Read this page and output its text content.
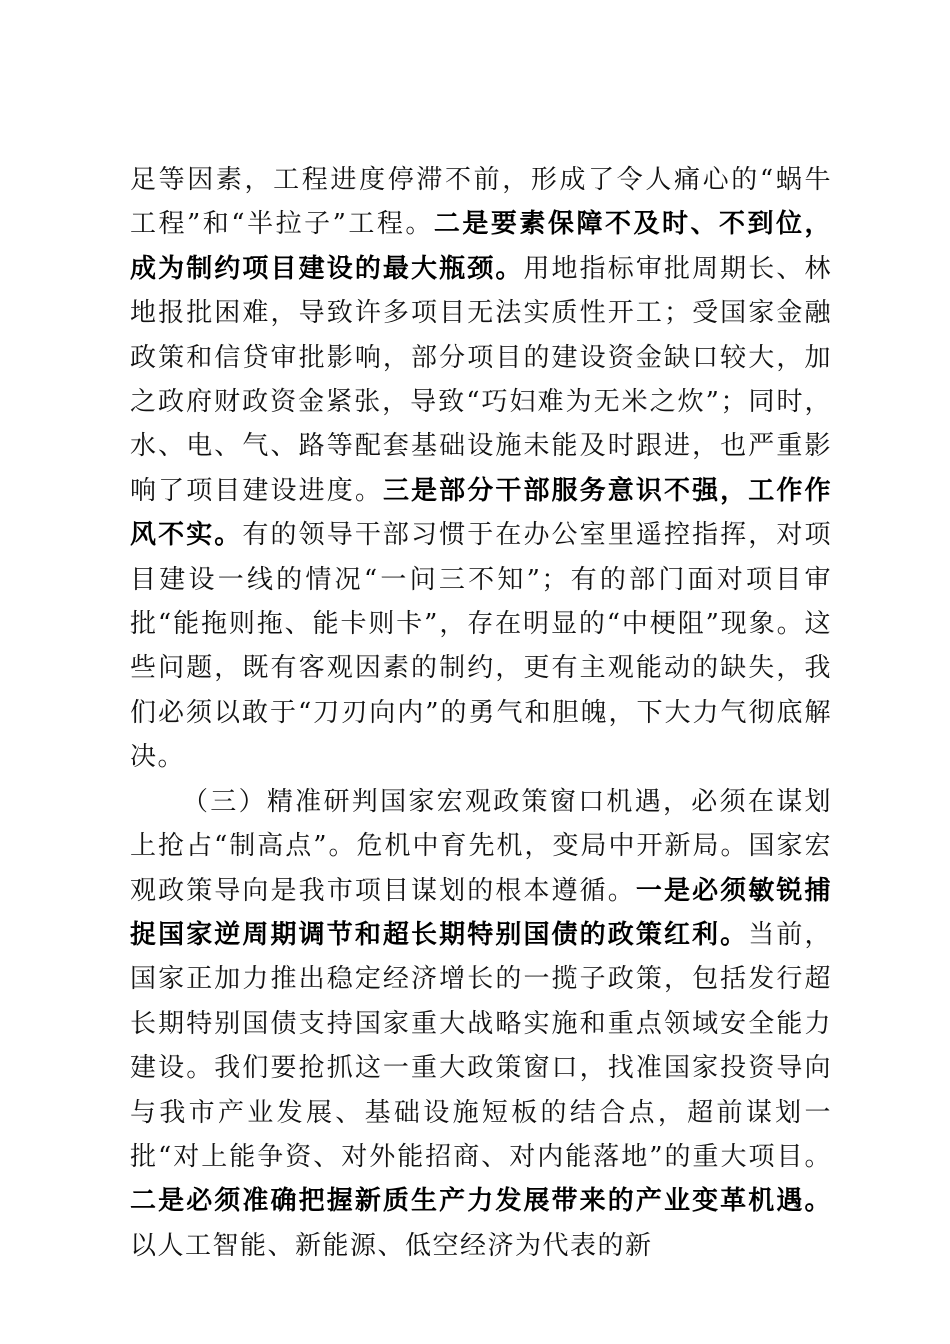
足等因素，工程进度停滞不前，形成了令人痛心的“蜗牛工程”和“半拉子”工程。二是要素保障不及时、不到位，成为制约项目建设的最大瓶颈。用地指标审批周期长、林地报批困难，导致许多项目无法实质性开工；受国家金融政策和信贷审批影响，部分项目的建设资金缺口较大，加之政府财政资金紧张，导致“巧妇难为无米之炊”；同时，水、电、气、路等配套基础设施未能及时跟进，也严重影响了项目建设进度。三是部分干部服务意识不强，工作作风不实。有的领导干部习惯于在办公室里遥控指挥，对项目建设一线的情况“一问三不知”；有的部门面对项目审批“能拖则拖、能卡则卡”，存在明显的“中梗阻”现象。这些问题，既有客观因素的制约，更有主观能动的缺失，我们必须以敢于“刀刃向内”的勇气和胆魄，下大力气彻底解决。

（三）精准研判国家宏观政策窗口机遇，必须在谋划上抢占“制高点”。危机中育先机，变局中开新局。国家宏观政策导向是我市项目谋划的根本遵循。一是必须敏锐捕捉国家逆周期调节和超长期特别国债的政策红利。当前，国家正加力推出稳定经济增长的一揽子政策，包括发行超长期特别国债支持国家重大战略实施和重点领域安全能力建设。我们要抢抓这一重大政策窗口，找准国家投资导向与我市产业发展、基础设施短板的结合点，超前谋划一批“对上能争资、对外能招商、对内能落地”的重大项目。二是必须准确把握新质生产力发展带来的产业变革机遇。以人工智能、新能源、低空经济为代表的新
